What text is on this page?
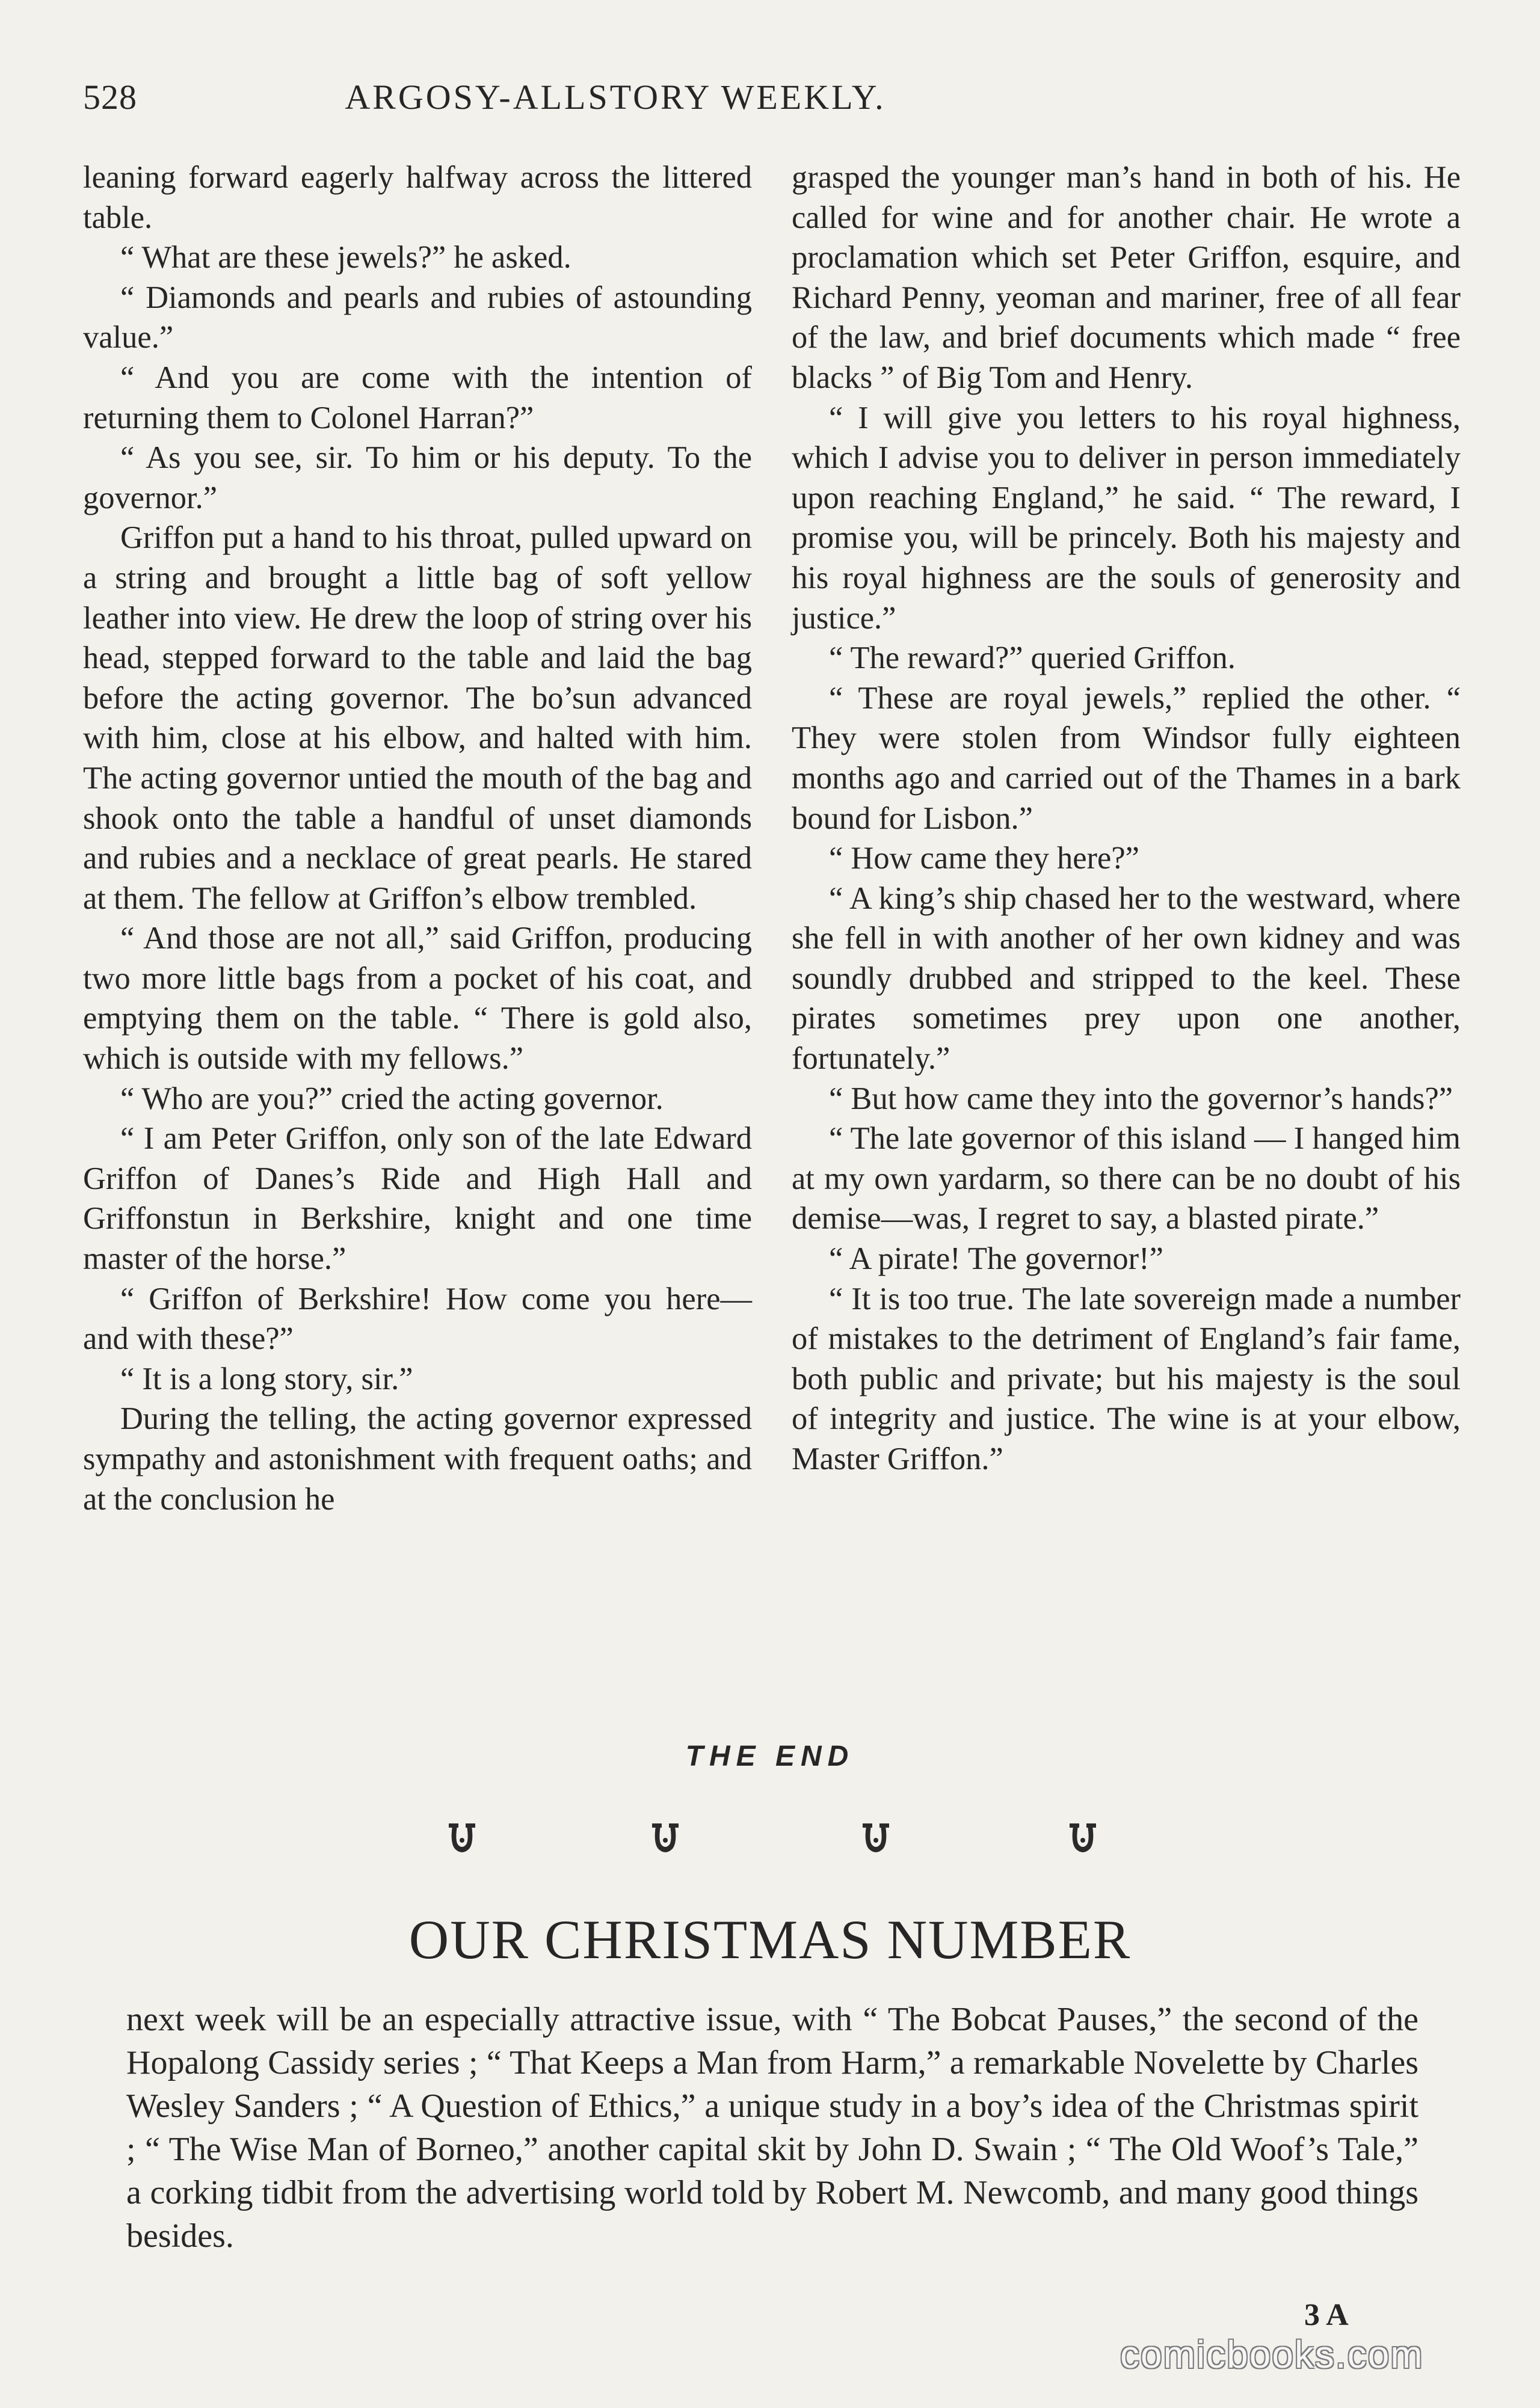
528	ARGOSY-ALLSTORY WEEKLY.

leaning forward eagerly halfway across the littered table.

“ What are these jewels?” he asked.

“ Diamonds and pearls and rubies of astounding value.”

“ And you are come with the intention of returning them to Colonel Harran?”

“ As you see, sir. To him or his deputy. To the governor.”

Griffon put a hand to his throat, pulled upward on a string and brought a little bag of soft yellow leather into view. He drew the loop of string over his head, stepped forward to the table and laid the bag before the acting governor. The bo’sun advanced with him, close at his elbow, and halted with him. The acting governor untied the mouth of the bag and shook onto the table a handful of unset diamonds and rubies and a necklace of great pearls. He stared at them. The fellow at Griffon’s elbow trembled.

“ And those are not all,” said Griffon, producing two more little bags from a pocket of his coat, and emptying them on the table. “ There is gold also, which is outside with my fellows.”

“ Who are you?” cried the acting governor.

“ I am Peter Griffon, only son of the late Edward Griffon of Danes’s Ride and High Hall and Griffonstun in Berkshire, knight and one time master of the horse.”

“ Griffon of Berkshire! How come you here—and with these?”

“ It is a long story, sir.”

During the telling, the acting governor expressed sympathy and astonishment with frequent oaths; and at the conclusion he

grasped the younger man’s hand in both of his. He called for wine and for another chair. He wrote a proclamation which set Peter Griffon, esquire, and Richard Penny, yeoman and mariner, free of all fear of the law, and brief documents which made “ free blacks ” of Big Tom and Henry.

“ I will give you letters to his royal highness, which I advise you to deliver in person immediately upon reaching England,” he said. “ The reward, I promise you, will be princely. Both his majesty and his royal highness are the souls of generosity and justice.”

“ The reward?” queried Griffon.

“ These are royal jewels,” replied the other. “ They were stolen from Windsor fully eighteen months ago and carried out of the Thames in a bark bound for Lisbon.”

“ How came they here?”

“ A king’s ship chased her to the westward, where she fell in with another of her own kidney and was soundly drubbed and stripped to the keel. These pirates sometimes prey upon one another, fortunately.”

“ But how came they into the governor’s hands?”

“ The late governor of this island — I hanged him at my own yardarm, so there can be no doubt of his demise—was, I regret to say, a blasted pirate.”

“ A pirate! The governor!”

“ It is too true. The late sovereign made a number of mistakes to the detriment of England’s fair fame, both public and private; but his majesty is the soul of integrity and justice. The wine is at your elbow, Master Griffon.”

THE END
OUR CHRISTMAS NUMBER

next week will be an especially attractive issue, with “ The Bobcat Pauses,” the second of the Hopalong Cassidy series ; “ That Keeps a Man from Harm,” a remarkable Novelette by Charles Wesley Sanders ; “ A Question of Ethics,” a unique study in a boy’s idea of the Christmas spirit ; “ The Wise Man of Borneo,” another capital skit by John D. Swain ; “ The Old Woof’s Tale,” a corking tidbit from the advertising world told by Robert M. Newcomb, and many good things besides.

3 A
comicbooks.com
